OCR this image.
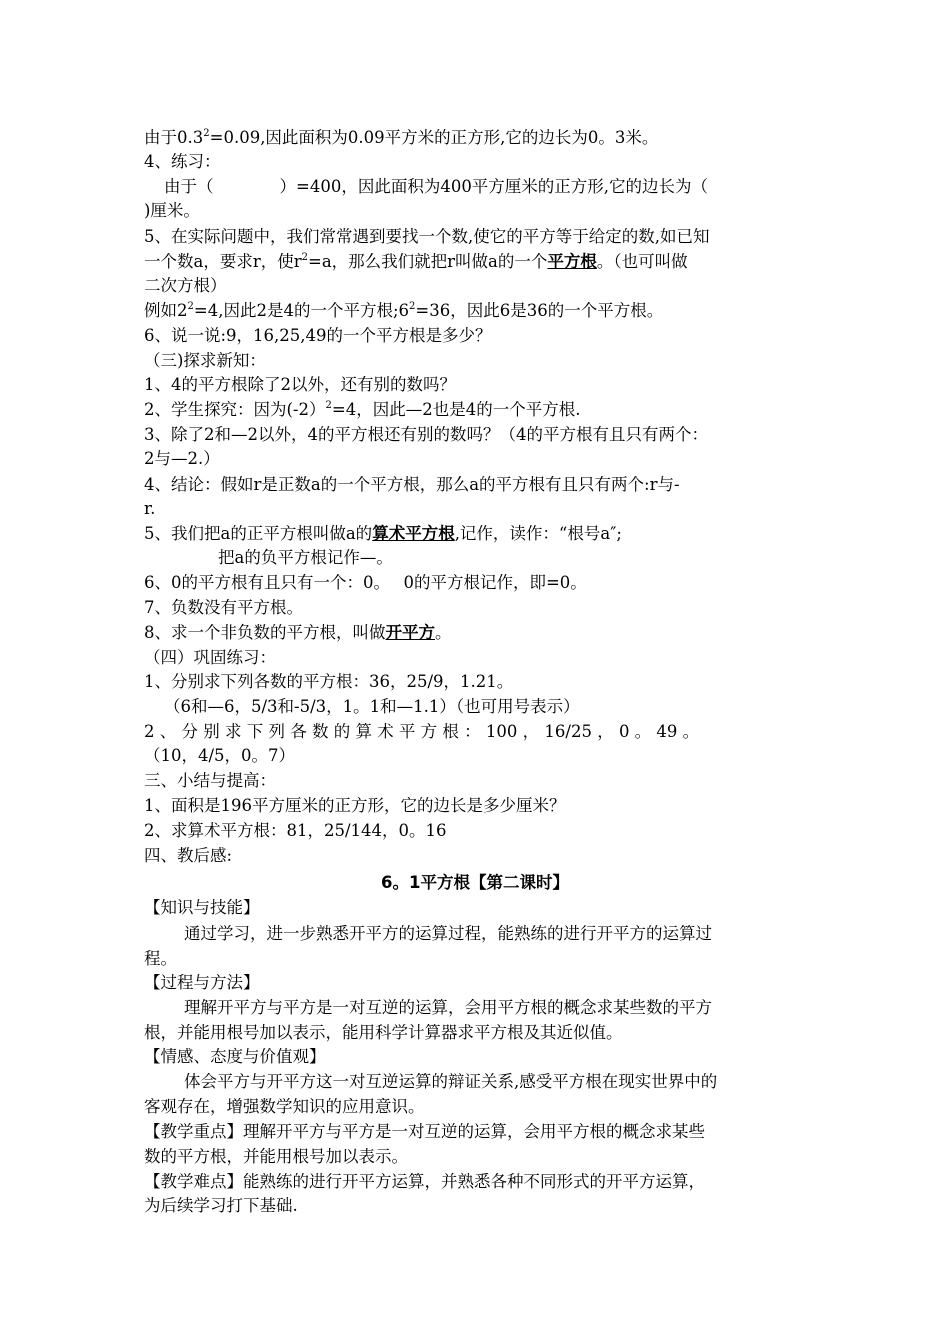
由于$0.3^2=0.09$,因此面积为0.09平方米的正方形,它的边长为0。3米。
4、练习：
由于（　　　　）=400，因此面积为400平方厘米的正方形,它的边长为（
)厘米。
5、在实际问题中，我们常常遇到要找一个数,使它的平方等于给定的数,如已知
一个数a，要求r，使$r^2=a$，那么我们就把r叫做a的一个平方根。（也可叫做
二次方根）
例如$2^2=4$,因此2是4的一个平方根$;6^2=36$，因此6是36的一个平方根。
6、说一说:9，16,25,49的一个平方根是多少？
（三)探求新知：
1、4的平方根除了2以外，还有别的数吗？
2、学生探究：因为(-2）$^2$=4，因此—2也是4的一个平方根.
3、除了2和—2以外，4的平方根还有别的数吗？（4的平方根有且只有两个：
2与—2.）
4、结论：假如r是正数a的一个平方根，那么a的平方根有且只有两个:r与-
r.
5、我们把a的正平方根叫做a的算术平方根,记作，读作：“根号a″;
把a的负平方根记作—。
6、0的平方根有且只有一个：0。　 0的平方根记作，即=0。
7、负数没有平方根。
8、求一个非负数的平方根，叫做开平方。
（四）巩固练习：
1、分别求下列各数的平方根：36，25/9，1.21。
（6和—6，5/3和-5/3，1。1和—1.1）（也可用号表示）
2 、 分 别 求 下 列 各 数 的 算 术 平 方 根 ： 100 ， 16/25 ， 0 。 49 。
（10，4/5，0。7）
三、小结与提高：
1、面积是196平方厘米的正方形，它的边长是多少厘米？
2、求算术平方根：81，25/144，0。16
四、教后感:
6。1平方根【第二课时】
【知识与技能】
通过学习，进一步熟悉开平方的运算过程，能熟练的进行开平方的运算过
程。
【过程与方法】
理解开平方与平方是一对互逆的运算，会用平方根的概念求某些数的平方
根，并能用根号加以表示，能用科学计算器求平方根及其近似值。
【情感、态度与价值观】
体会平方与开平方这一对互逆运算的辩证关系,感受平方根在现实世界中的
客观存在，增强数学知识的应用意识。
【教学重点】理解开平方与平方是一对互逆的运算，会用平方根的概念求某些
数的平方根，并能用根号加以表示。
【教学难点】能熟练的进行开平方运算，并熟悉各种不同形式的开平方运算，
为后续学习打下基础.
